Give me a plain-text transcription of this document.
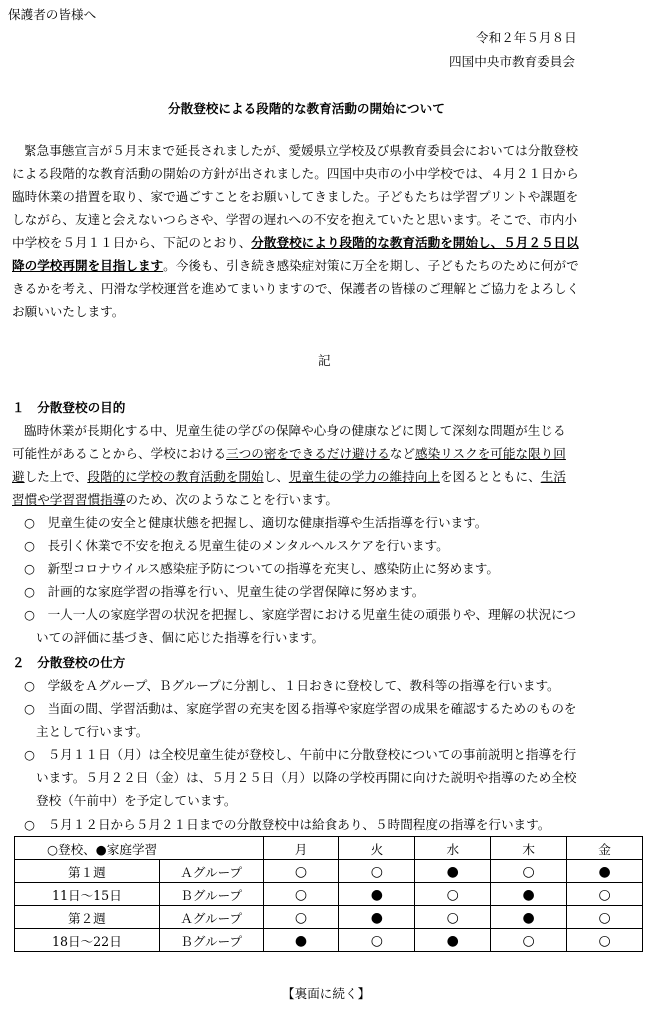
保護者の皆様へ
令和２年５月８日
四国中央市教育委員会
分散登校による段階的な教育活動の開始について
緊急事態宣言が５月末まで延長されましたが、愛媛県立学校及び県教育委員会においては分散登校
による段階的な教育活動の開始の方針が出されました。四国中央市の小中学校では、４月２１日から
臨時休業の措置を取り、家で過ごすことをお願いしてきました。子どもたちは学習プリントや課題を
しながら、友達と会えないつらさや、学習の遅れへの不安を抱えていたと思います。そこで、市内小
中学校を５月１１日から、下記のとおり、分散登校により段階的な教育活動を開始し、５月２５日以
降の学校再開を目指します。今後も、引き続き感染症対策に万全を期し、子どもたちのために何がで
きるかを考え、円滑な学校運営を進めてまいりますので、保護者の皆様のご理解とご協力をよろしく
お願いいたします。
記
１　分散登校の目的
臨時休業が長期化する中、児童生徒の学びの保障や心身の健康などに関して深刻な問題が生じる
可能性があることから、学校における三つの密をできるだけ避けるなど感染リスクを可能な限り回
避した上で、段階的に学校の教育活動を開始し、児童生徒の学力の維持向上を図るとともに、生活
習慣や学習習慣指導のため、次のようなことを行います。
○　児童生徒の安全と健康状態を把握し、適切な健康指導や生活指導を行います。
○　長引く休業で不安を抱える児童生徒のメンタルヘルスケアを行います。
○　新型コロナウイルス感染症予防についての指導を充実し、感染防止に努めます。
○　計画的な家庭学習の指導を行い、児童生徒の学習保障に努めます。
○　一人一人の家庭学習の状況を把握し、家庭学習における児童生徒の頑張りや、理解の状況につ
いての評価に基づき、個に応じた指導を行います。
２　分散登校の仕方
○　学級をＡグループ、Ｂグループに分割し、１日おきに登校して、教科等の指導を行います。
○　当面の間、学習活動は、家庭学習の充実を図る指導や家庭学習の成果を確認するためのものを
主として行います。
○　５月１１日（月）は全校児童生徒が登校し、午前中に分散登校についての事前説明と指導を行
います。５月２２日（金）は、５月２５日（月）以降の学校再開に向けた説明や指導のため全校
登校（午前中）を予定しています。
○　５月１２日から５月２１日までの分散登校中は給食あり、５時間程度の指導を行います。
○登校、●家庭学習		月	火	水	木	金
第１週	Ａグループ	○	○	●	○	●
11日～15日	Ｂグループ	○	●	○	●	○
第２週	Ａグループ	○	●	○	●	○
18日～22日	Ｂグループ	●	○	●	○	○
【裏面に続く】
